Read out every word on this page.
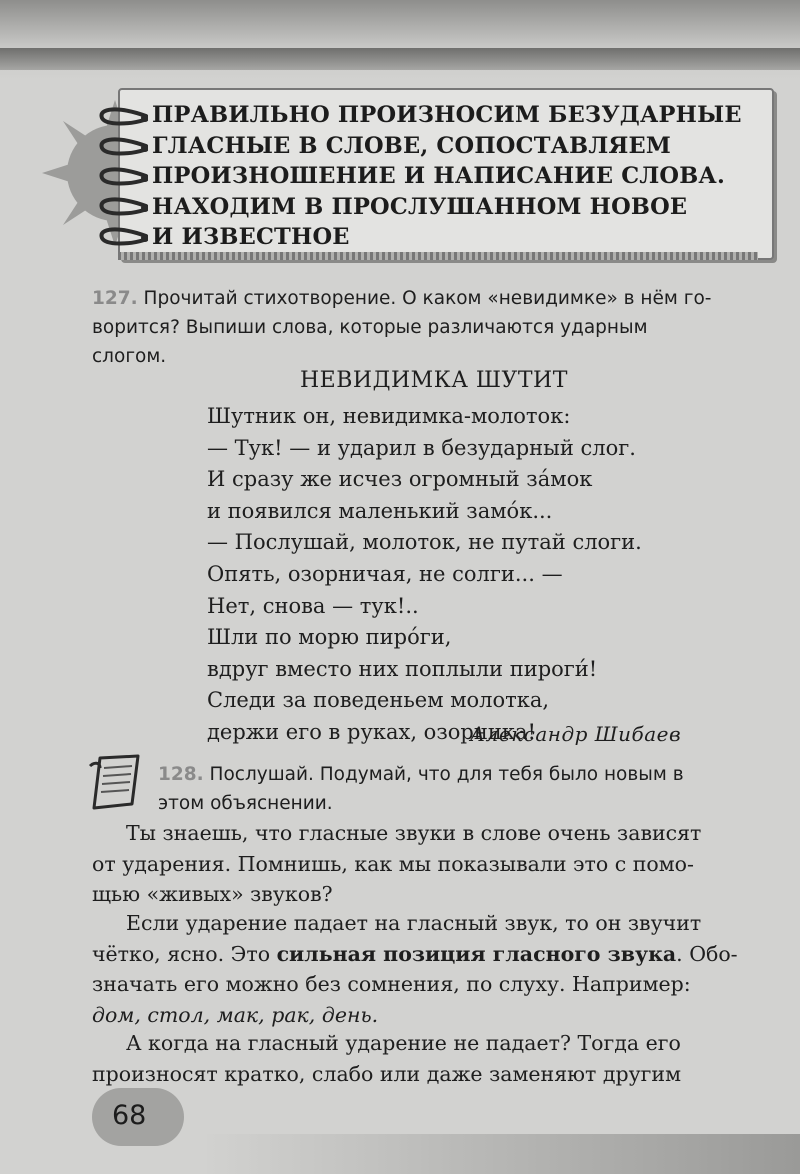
ПРАВИЛЬНО ПРОИЗНОСИМ БЕЗУДАРНЫЕ
ГЛАСНЫЕ В СЛОВЕ, СОПОСТАВЛЯЕМ
ПРОИЗНОШЕНИЕ И НАПИСАНИЕ СЛОВА.
НАХОДИМ В ПРОСЛУШАННОМ НОВОЕ
И ИЗВЕСТНОЕ
127. Прочитай стихотворение. О каком «невидимке» в нём го-
ворится? Выпиши слова, которые различаются ударным
слогом.
НЕВИДИМКА ШУТИТ
Шутник он, невидимка-молоток:
— Тук! — и ударил в безударный слог.
И сразу же исчез огромный за́мок
и появился маленький замо́к...
— Послушай, молоток, не путай слоги.
Опять, озорничая, не солги... —
Нет, снова — тук!..
Шли по морю пиро́ги,
вдруг вместо них поплыли пироги́!
Следи за поведеньем молотка,
держи его в руках, озорника!
Александр Шибаев
128. Послушай. Подумай, что для тебя было новым в
этом объяснении.
Ты знаешь, что гласные звуки в слове очень зависят
от ударения. Помнишь, как мы показывали это с помо-
щью «живых» звуков?
Если ударение падает на гласный звук, то он звучит
чётко, ясно. Это сильная позиция гласного звука. Обо-
значать его можно без сомнения, по слуху. Например:
дом, стол, мак, рак, день.
А когда на гласный ударение не падает? Тогда его
произносят кратко, слабо или даже заменяют другим
68
